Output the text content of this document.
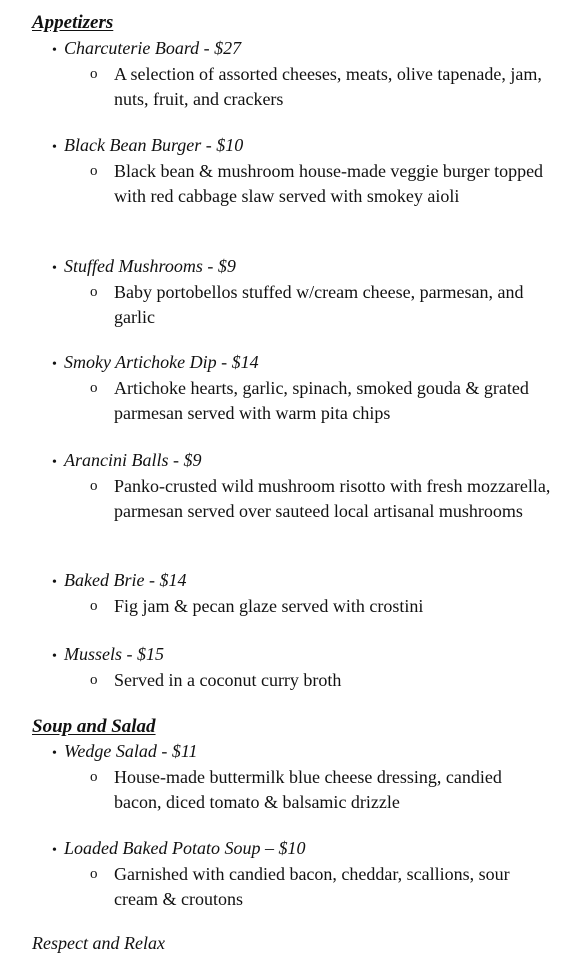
Appetizers
• Charcuterie Board - $27
o A selection of assorted cheeses, meats, olive tapenade, jam, nuts, fruit, and crackers
• Black Bean Burger - $10
o Black bean & mushroom house-made veggie burger topped with red cabbage slaw served with smokey aioli
• Stuffed Mushrooms - $9
o Baby portobellos stuffed w/cream cheese, parmesan, and garlic
• Smoky Artichoke Dip - $14
o Artichoke hearts, garlic, spinach, smoked gouda & grated parmesan served with warm pita chips
• Arancini Balls - $9
o Panko-crusted wild mushroom risotto with fresh mozzarella, parmesan served over sauteed local artisanal mushrooms
• Baked Brie - $14
o Fig jam & pecan glaze served with crostini
• Mussels - $15
o Served in a coconut curry broth
Soup and Salad
• Wedge Salad - $11
o House-made buttermilk blue cheese dressing, candied bacon, diced tomato & balsamic drizzle
• Loaded Baked Potato Soup – $10
o Garnished with candied bacon, cheddar, scallions, sour cream & croutons
Respect and Relax
